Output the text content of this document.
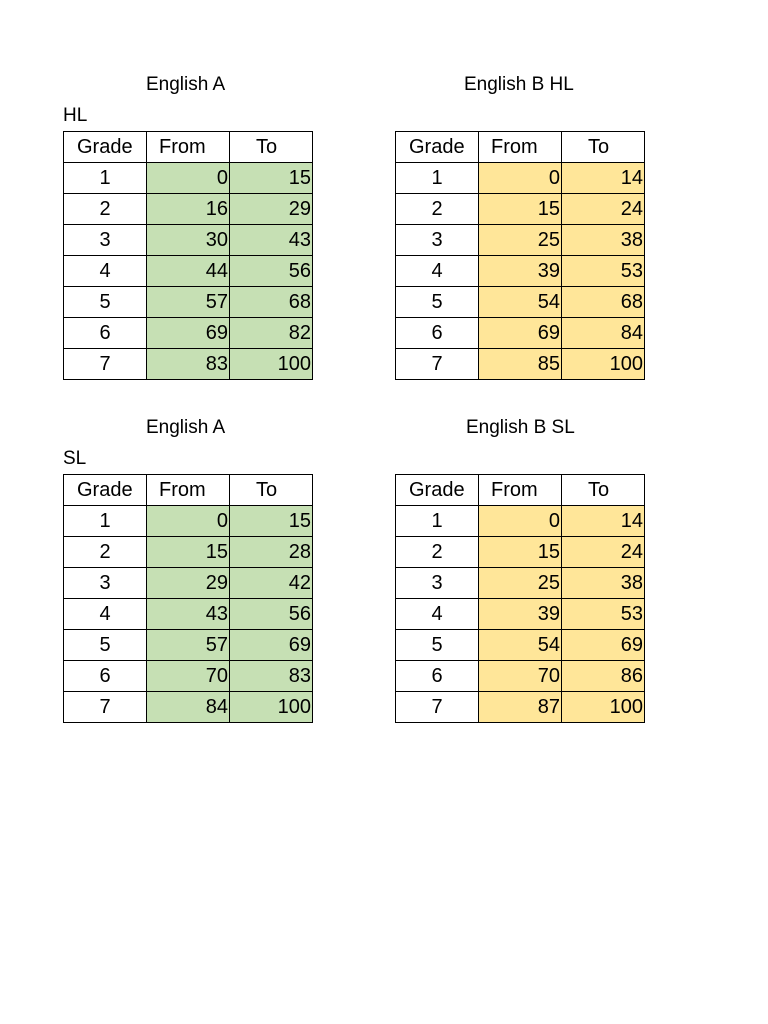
English A
HL
Grade	From	To
1	0	15
2	16	29
3	30	43
4	44	56
5	57	68
6	69	82
7	83	100
English B HL
Grade	From	To
1	0	14
2	15	24
3	25	38
4	39	53
5	54	68
6	69	84
7	85	100
English A
SL
Grade	From	To
1	0	15
2	15	28
3	29	42
4	43	56
5	57	69
6	70	83
7	84	100
English B SL
Grade	From	To
1	0	14
2	15	24
3	25	38
4	39	53
5	54	69
6	70	86
7	87	100
